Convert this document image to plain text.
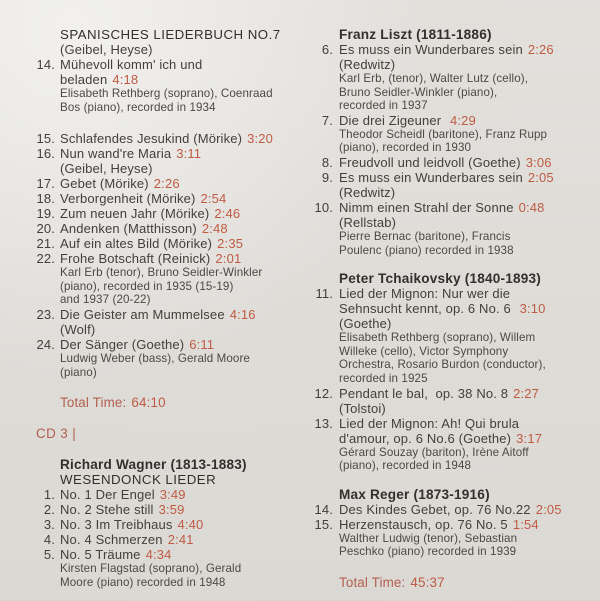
SPANISCHES LIEDERBUCH NO.7
(Geibel, Heyse)
14. Mühevoll komm' ich und
beladen 4:18
Elisabeth Rethberg (soprano), Coenraad
Bos (piano), recorded in 1934
15. Schlafendes Jesukind (Mörike) 3:20
16. Nun wand're Maria 3:11
(Geibel, Heyse)
17. Gebet (Mörike) 2:26
18. Verborgenheit (Mörike) 2:54
19. Zum neuen Jahr (Mörike) 2:46
20. Andenken (Matthisson) 2:48
21. Auf ein altes Bild (Mörike) 2:35
22. Frohe Botschaft (Reinick) 2:01
Karl Erb (tenor), Bruno Seidler-Winkler
(piano), recorded in 1935 (15-19)
and 1937 (20-22)
23. Die Geister am Mummelsee 4:16
(Wolf)
24. Der Sänger (Goethe) 6:11
Ludwig Weber (bass), Gerald Moore
(piano)
Total Time: 64:10
CD 3 |
Richard Wagner (1813-1883)
WESENDONCK LIEDER
1. No. 1 Der Engel 3:49
2. No. 2 Stehe still 3:59
3. No. 3 Im Treibhaus 4:40
4. No. 4 Schmerzen 2:41
5. No. 5 Träume 4:34
Kirsten Flagstad (soprano), Gerald
Moore (piano) recorded in 1948
Franz Liszt (1811-1886)
6. Es muss ein Wunderbares sein 2:26
(Redwitz)
Karl Erb, (tenor), Walter Lutz (cello),
Bruno Seidler-Winkler (piano),
recorded in 1937
7. Die drei Zigeuner 4:29
Theodor Scheidl (baritone), Franz Rupp
(piano), recorded in 1930
8. Freudvoll und leidvoll (Goethe) 3:06
9. Es muss ein Wunderbares sein 2:05
(Redwitz)
10. Nimm einen Strahl der Sonne 0:48
(Rellstab)
Pierre Bernac (baritone), Francis
Poulenc (piano) recorded in 1938
Peter Tchaikovsky (1840-1893)
11. Lied der Mignon: Nur wer die
Sehnsucht kennt, op. 6 No. 6 3:10
(Goethe)
Elisabeth Rethberg (soprano), Willem
Willeke (cello), Victor Symphony
Orchestra, Rosario Burdon (conductor),
recorded in 1925
12. Pendant le bal,  op. 38 No. 8 2:27
(Tolstoi)
13. Lied der Mignon: Ah! Qui brula
d'amour, op. 6 No.6 (Goethe) 3:17
Gérard Souzay (bariton), Irène Aitoff
(piano), recorded in 1948
Max Reger (1873-1916)
14. Des Kindes Gebet, op. 76 No.22 2:05
15. Herzenstausch, op. 76 No. 5 1:54
Walther Ludwig (tenor), Sebastian
Peschko (piano) recorded in 1939
Total Time: 45:37
